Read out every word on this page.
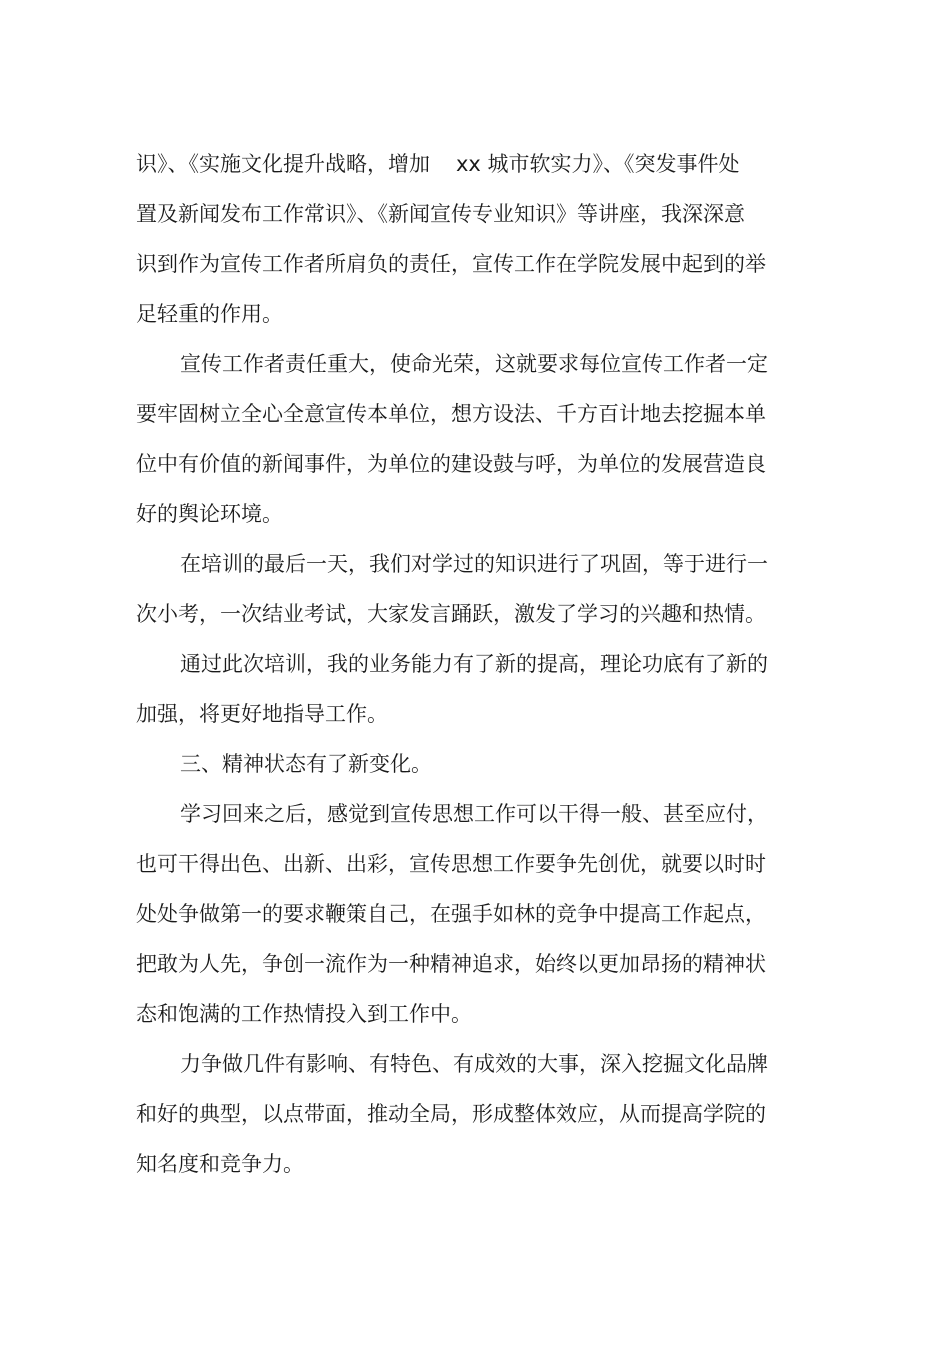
识》、《实施文化提升战略，增加 xx 城市软实力》、《突发事件处
置及新闻发布工作常识》、《新闻宣传专业知识》等讲座，我深深意
识到作为宣传工作者所肩负的责任，宣传工作在学院发展中起到的举
足轻重的作用。
宣传工作者责任重大，使命光荣，这就要求每位宣传工作者一定
要牢固树立全心全意宣传本单位，想方设法、千方百计地去挖掘本单
位中有价值的新闻事件，为单位的建设鼓与呼，为单位的发展营造良
好的舆论环境。
在培训的最后一天，我们对学过的知识进行了巩固，等于进行一
次小考，一次结业考试，大家发言踊跃，激发了学习的兴趣和热情。
通过此次培训，我的业务能力有了新的提高，理论功底有了新的
加强，将更好地指导工作。
三、精神状态有了新变化。
学习回来之后，感觉到宣传思想工作可以干得一般、甚至应付，
也可干得出色、出新、出彩，宣传思想工作要争先创优，就要以时时
处处争做第一的要求鞭策自己，在强手如林的竞争中提高工作起点，
把敢为人先，争创一流作为一种精神追求，始终以更加昂扬的精神状
态和饱满的工作热情投入到工作中。
力争做几件有影响、有特色、有成效的大事，深入挖掘文化品牌
和好的典型，以点带面，推动全局，形成整体效应，从而提高学院的
知名度和竞争力。
